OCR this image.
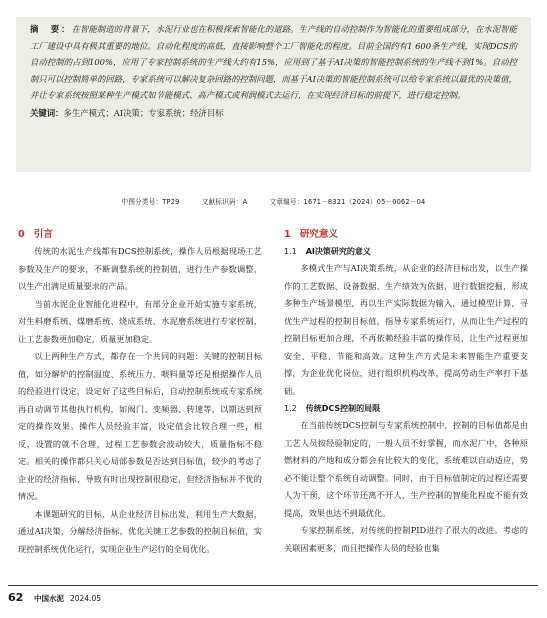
摘　要：在智能制造的背景下，水泥行业也在积极探索智能化的道路。生产线的自动控制作为智能化的重要组成部分，在水泥智能工厂建设中具有极其重要的地位。自动化程度的高低，直接影响整个工厂智能化的程度。目前全国约有1 600条生产线，实现DCS的自动控制的占到100%，应用了专家控制系统的生产线大约有15%，应用到了基于AI决策的智能控制系统的生产线不到1%。自动控制只可以控制简单的回路，专家系统可以解决复杂回路的控制问题，而基于AI决策的智能控制系统可以给专家系统以最优的决策值，并让专家系统按照某种生产模式如节能模式、高产模式或利润模式去运行，在实现经济目标的前提下，进行稳定控制。

关键词：多生产模式；AI决策；专家系统；经济目标

中图分类号：TP29	文献标识码：A	文章编号：1671－8321（2024）05－0062－04
0 引言

传统的水泥生产线都有DCS控制系统，操作人员根据现场工艺参数及生产的要求，不断调整系统的控制值，进行生产参数调整，以生产出满足质量要求的产品。

当前水泥企业智能化进程中，有部分企业开始实施专家系统，对生料磨系统、煤磨系统、烧成系统、水泥磨系统进行专家控制，让工艺参数更加稳定，质量更加稳定。

以上两种生产方式，都存在一个共同的问题：关键的控制目标值，如分解炉的控制温度、系统压力、喂料量等还是根据操作人员的经验进行设定，设定好了这些目标后，自动控制系统或专家系统再自动调节其他执行机构，如阀门、变频器、转速等，以期达到预定的操作效果。操作人员经验丰富，设定值会比较合理一些，相反，设置的就不合理，过程工艺参数会波动较大，质量指标不稳定。相关的操作都只关心局部参数是否达到目标值，较少的考虑了企业的经济指标，导致有时出现控制很稳定，但经济指标并不优的情况。

本课题研究的目标，从企业经济目标出发，利用生产大数据，通过AI决策，分解经济指标，优化关键工艺参数的控制目标值，实现控制系统优化运行，实现企业生产运行的全局优化。

1 研究意义
1.1 AI决策研究的意义

多模式生产与AI决策系统，从企业的经济目标出发，以生产操作的工艺数据、设备数据、生产绩效为依据，进行数据挖掘，形成多种生产场景模型，再以生产实际数据为输入，通过模型计算，寻优生产过程的控制目标值，指导专家系统运行，从而让生产过程的控制目标更加合理，不再依赖经验丰富的操作员，让生产过程更加安全、平稳、节能和高效。这种生产方式是未来智能生产重要支撑，为企业优化岗位，进行组织机构改革，提高劳动生产率打下基础。

1.2 传统DCS控制的局限

在当前传统DCS控制与专家系统控制中，控制的目标值都是由工艺人员按经验制定的，一般人员不好掌握，而水泥厂中，各种原燃材料的产地和成分都会有比较大的变化，系统难以自动适应，势必不能让整个系统自动调整。同时，由于目标值制定的过程还需要人为干预，这个环节还离不开人，生产控制的智能化程度不能有效提高，效果也达不到最优化。

专家控制系统，对传统的控制PID进行了很大的改进。考虑的关联因素更多，而且把操作人员的经验也集

62 中国水泥 2024.05
